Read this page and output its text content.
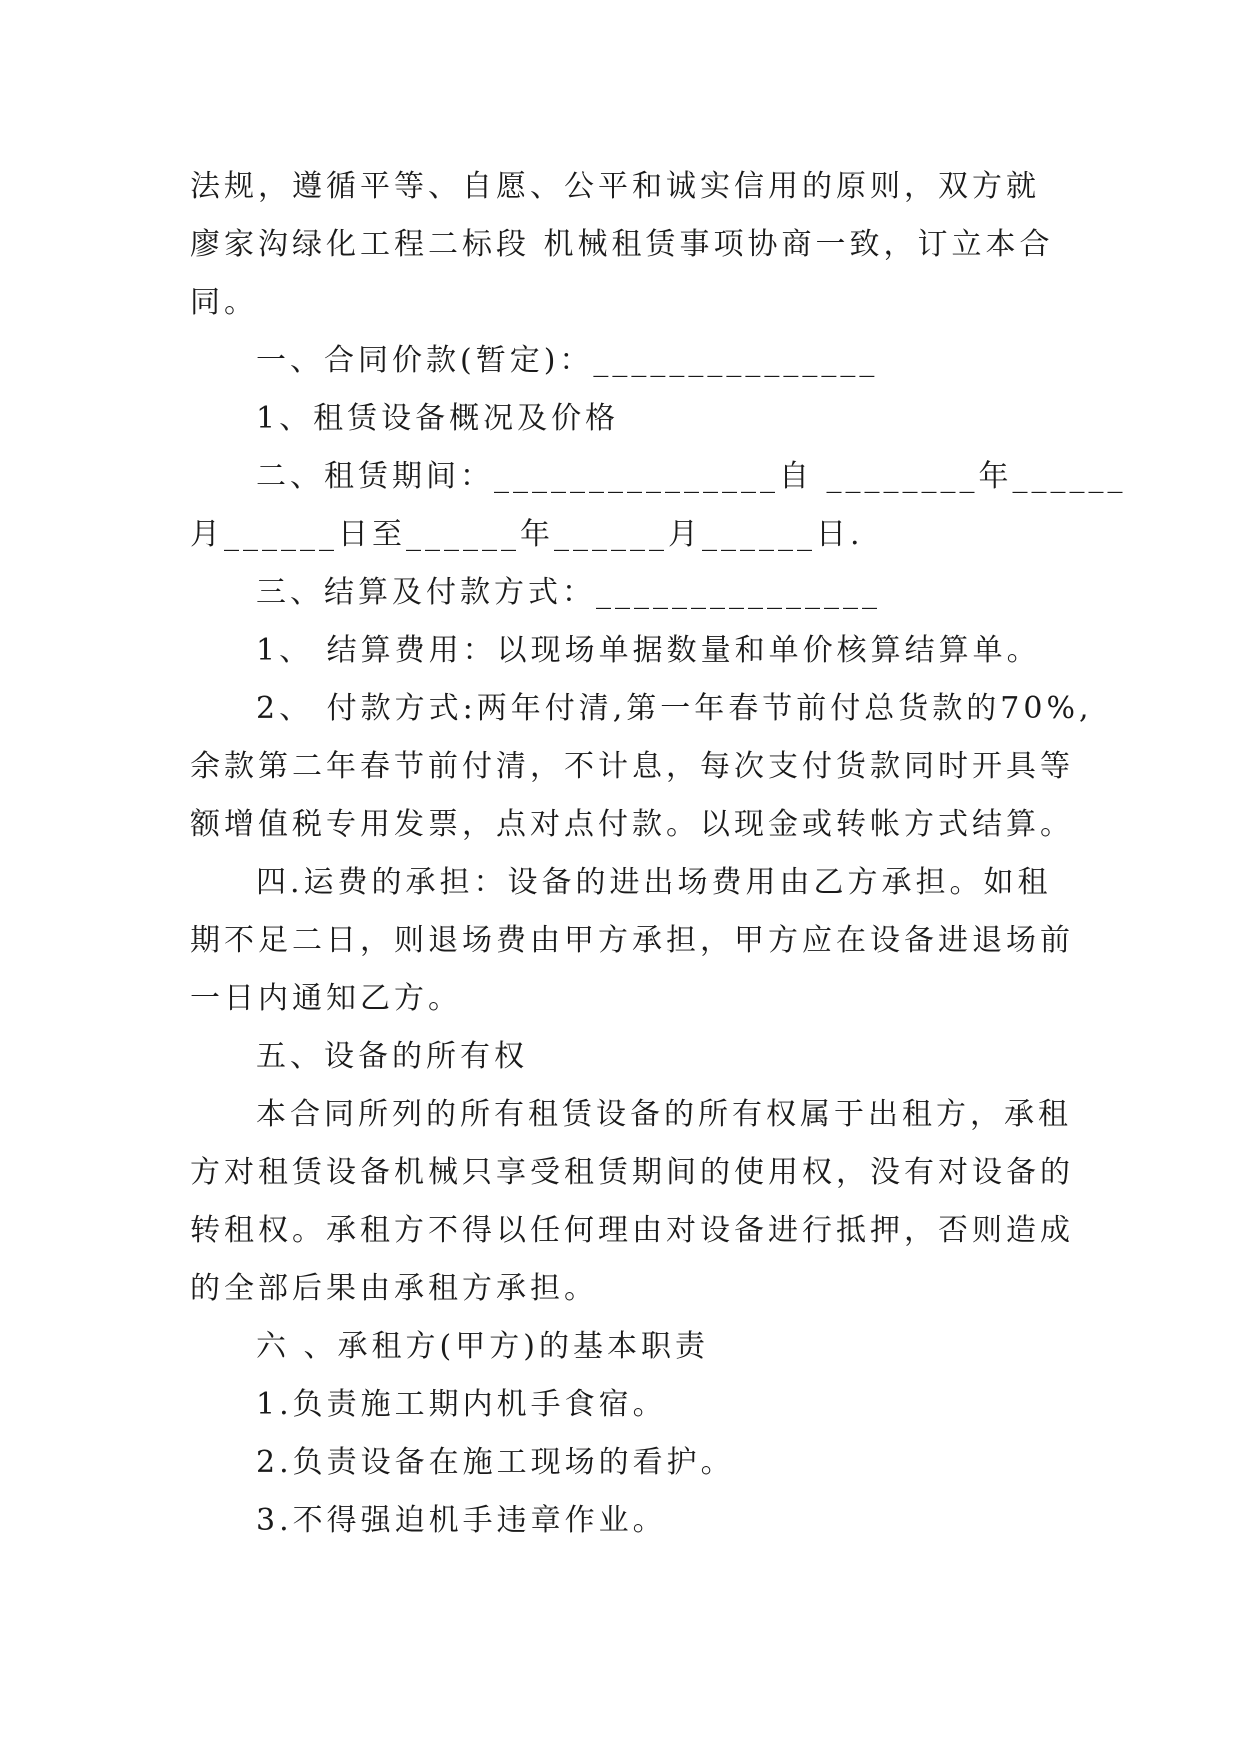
法规，遵循平等、自愿、公平和诚实信用的原则，双方就
廖家沟绿化工程二标段 机械租赁事项协商一致，订立本合
同。
一、合同价款(暂定)：_______________
1、租赁设备概况及价格
二、租赁期间：_______________自 ________年______
月______日至______年______月______日.
三、结算及付款方式：_______________
1、 结算费用：以现场单据数量和单价核算结算单。
2、 付款方式:两年付清,第一年春节前付总货款的70%,
余款第二年春节前付清，不计息，每次支付货款同时开具等
额增值税专用发票，点对点付款。以现金或转帐方式结算。
四.运费的承担：设备的进出场费用由乙方承担。如租
期不足二日，则退场费由甲方承担，甲方应在设备进退场前
一日内通知乙方。
五、设备的所有权
本合同所列的所有租赁设备的所有权属于出租方，承租
方对租赁设备机械只享受租赁期间的使用权，没有对设备的
转租权。承租方不得以任何理由对设备进行抵押，否则造成
的全部后果由承租方承担。
六 、承租方(甲方)的基本职责
1.负责施工期内机手食宿。
2.负责设备在施工现场的看护。
3.不得强迫机手违章作业。
